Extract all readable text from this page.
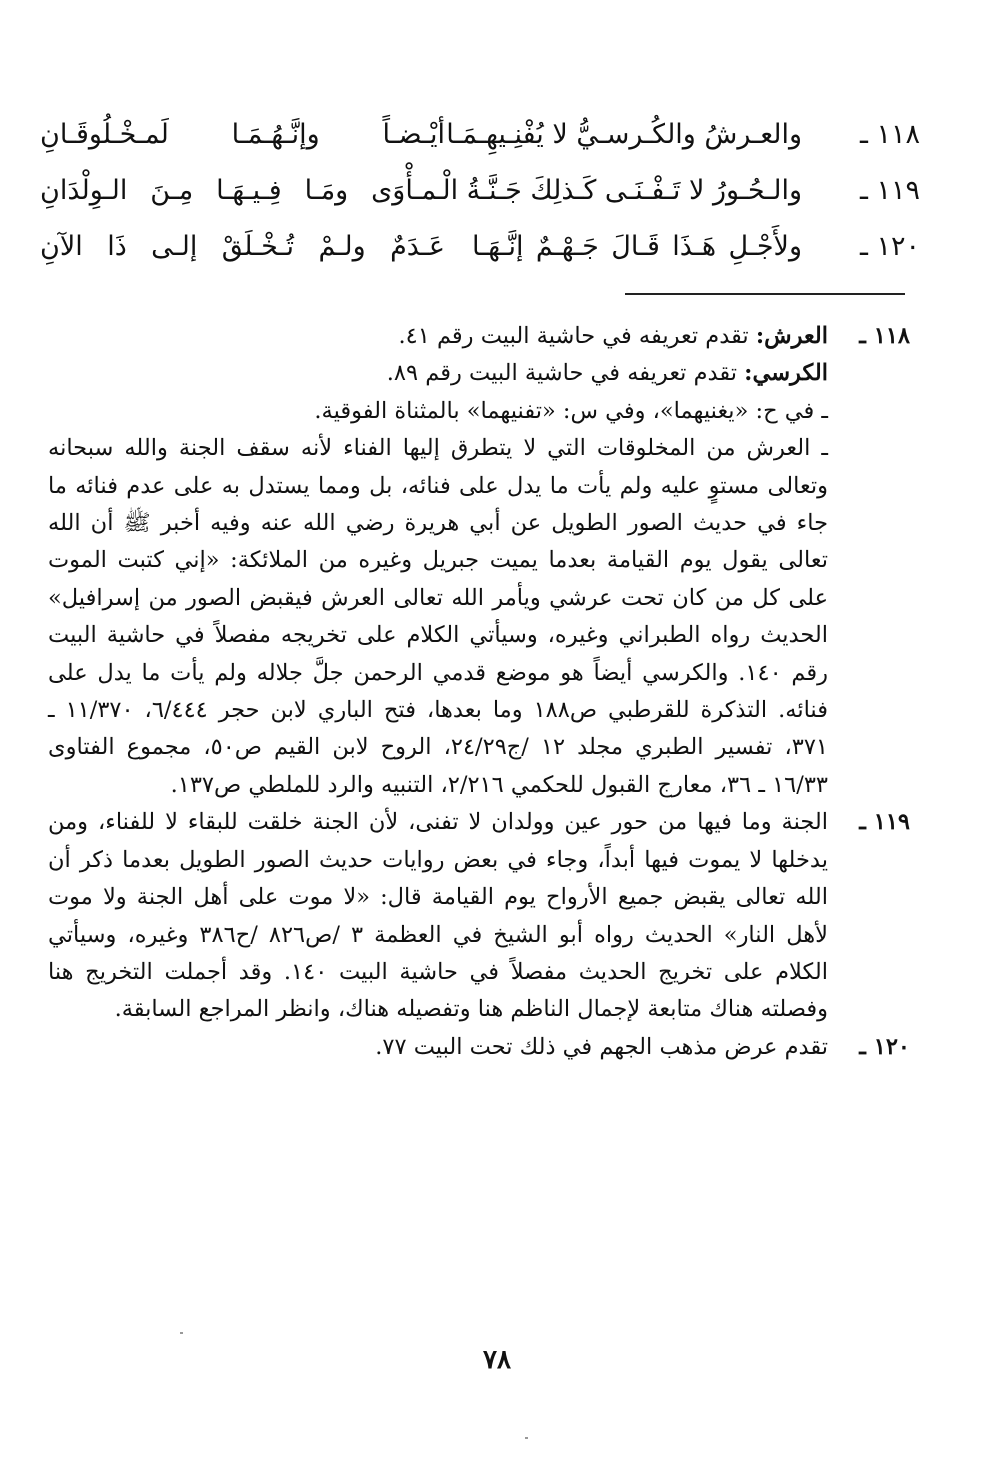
١١٨ ـ
والعـرشُ والكُـرسـيُّ لا يُفْنِـيهِـمَـا
أيْـضـاً وإنَّـهُـمَـا لَمـخْـلُوقَـانِ
١١٩ ـ
والـحُـورُ لا تَـفْـنَـى كَـذلِكَ جَـنَّـةُ الْـ
ـمـأْوَى ومَـا فِـيـهَـا مِـنَ الـوِلْدَانِ
١٢٠ ـ
ولأَجْـلِ هَـذَا قَـالَ جَـهْـمٌ إنَّـهَـا
عَـدَمٌ ولـمْ تُـخْـلَقْ إلـى ذَا الآنِ
١١٨ ـ

العرش: تقدم تعريفه في حاشية البيت رقم ٤١.

الكرسي: تقدم تعريفه في حاشية البيت رقم ٨٩.

ـ في ح: «يغنيهما»، وفي س: «تفنيهما» بالمثناة الفوقية.

ـ العرش من المخلوقات التي لا يتطرق إليها الفناء لأنه سقف الجنة والله سبحانه وتعالى مستوٍ عليه ولم يأت ما يدل على فنائه، بل ومما يستدل به على عدم فنائه ما جاء في حديث الصور الطويل عن أبي هريرة رضي الله عنه وفيه أخبر ﷺ أن الله تعالى يقول يوم القيامة بعدما يميت جبريل وغيره من الملائكة: «إني كتبت الموت على كل من كان تحت عرشي ويأمر الله تعالى العرش فيقبض الصور من إسرافيل» الحديث رواه الطبراني وغيره، وسيأتي الكلام على تخريجه مفصلاً في حاشية البيت رقم ١٤٠. والكرسي أيضاً هو موضع قدمي الرحمن جلَّ جلاله ولم يأت ما يدل على فنائه. التذكرة للقرطبي ص١٨٨ وما بعدها، فتح الباري لابن حجر ٦/٤٤٤، ١١/٣٧٠ ـ ٣٧١، تفسير الطبري مجلد ١٢ /ج٢٤/٢٩، الروح لابن القيم ص٥٠، مجموع الفتاوى ١٦/٣٣ ـ ٣٦، معارج القبول للحكمي ٢/٢١٦، التنبيه والرد للملطي ص١٣٧.

١١٩ ـ

الجنة وما فيها من حور عين وولدان لا تفنى، لأن الجنة خلقت للبقاء لا للفناء، ومن يدخلها لا يموت فيها أبداً، وجاء في بعض روايات حديث الصور الطويل بعدما ذكر أن الله تعالى يقبض جميع الأرواح يوم القيامة قال: «لا موت على أهل الجنة ولا موت لأهل النار» الحديث رواه أبو الشيخ في العظمة ٣ /ص٨٢٦ /ح٣٨٦ وغيره، وسيأتي الكلام على تخريج الحديث مفصلاً في حاشية البيت ١٤٠. وقد أجملت التخريج هنا وفصلته هناك متابعة لإجمال الناظم هنا وتفصيله هناك، وانظر المراجع السابقة.

١٢٠ ـ

تقدم عرض مذهب الجهم في ذلك تحت البيت ٧٧.

٧٨
